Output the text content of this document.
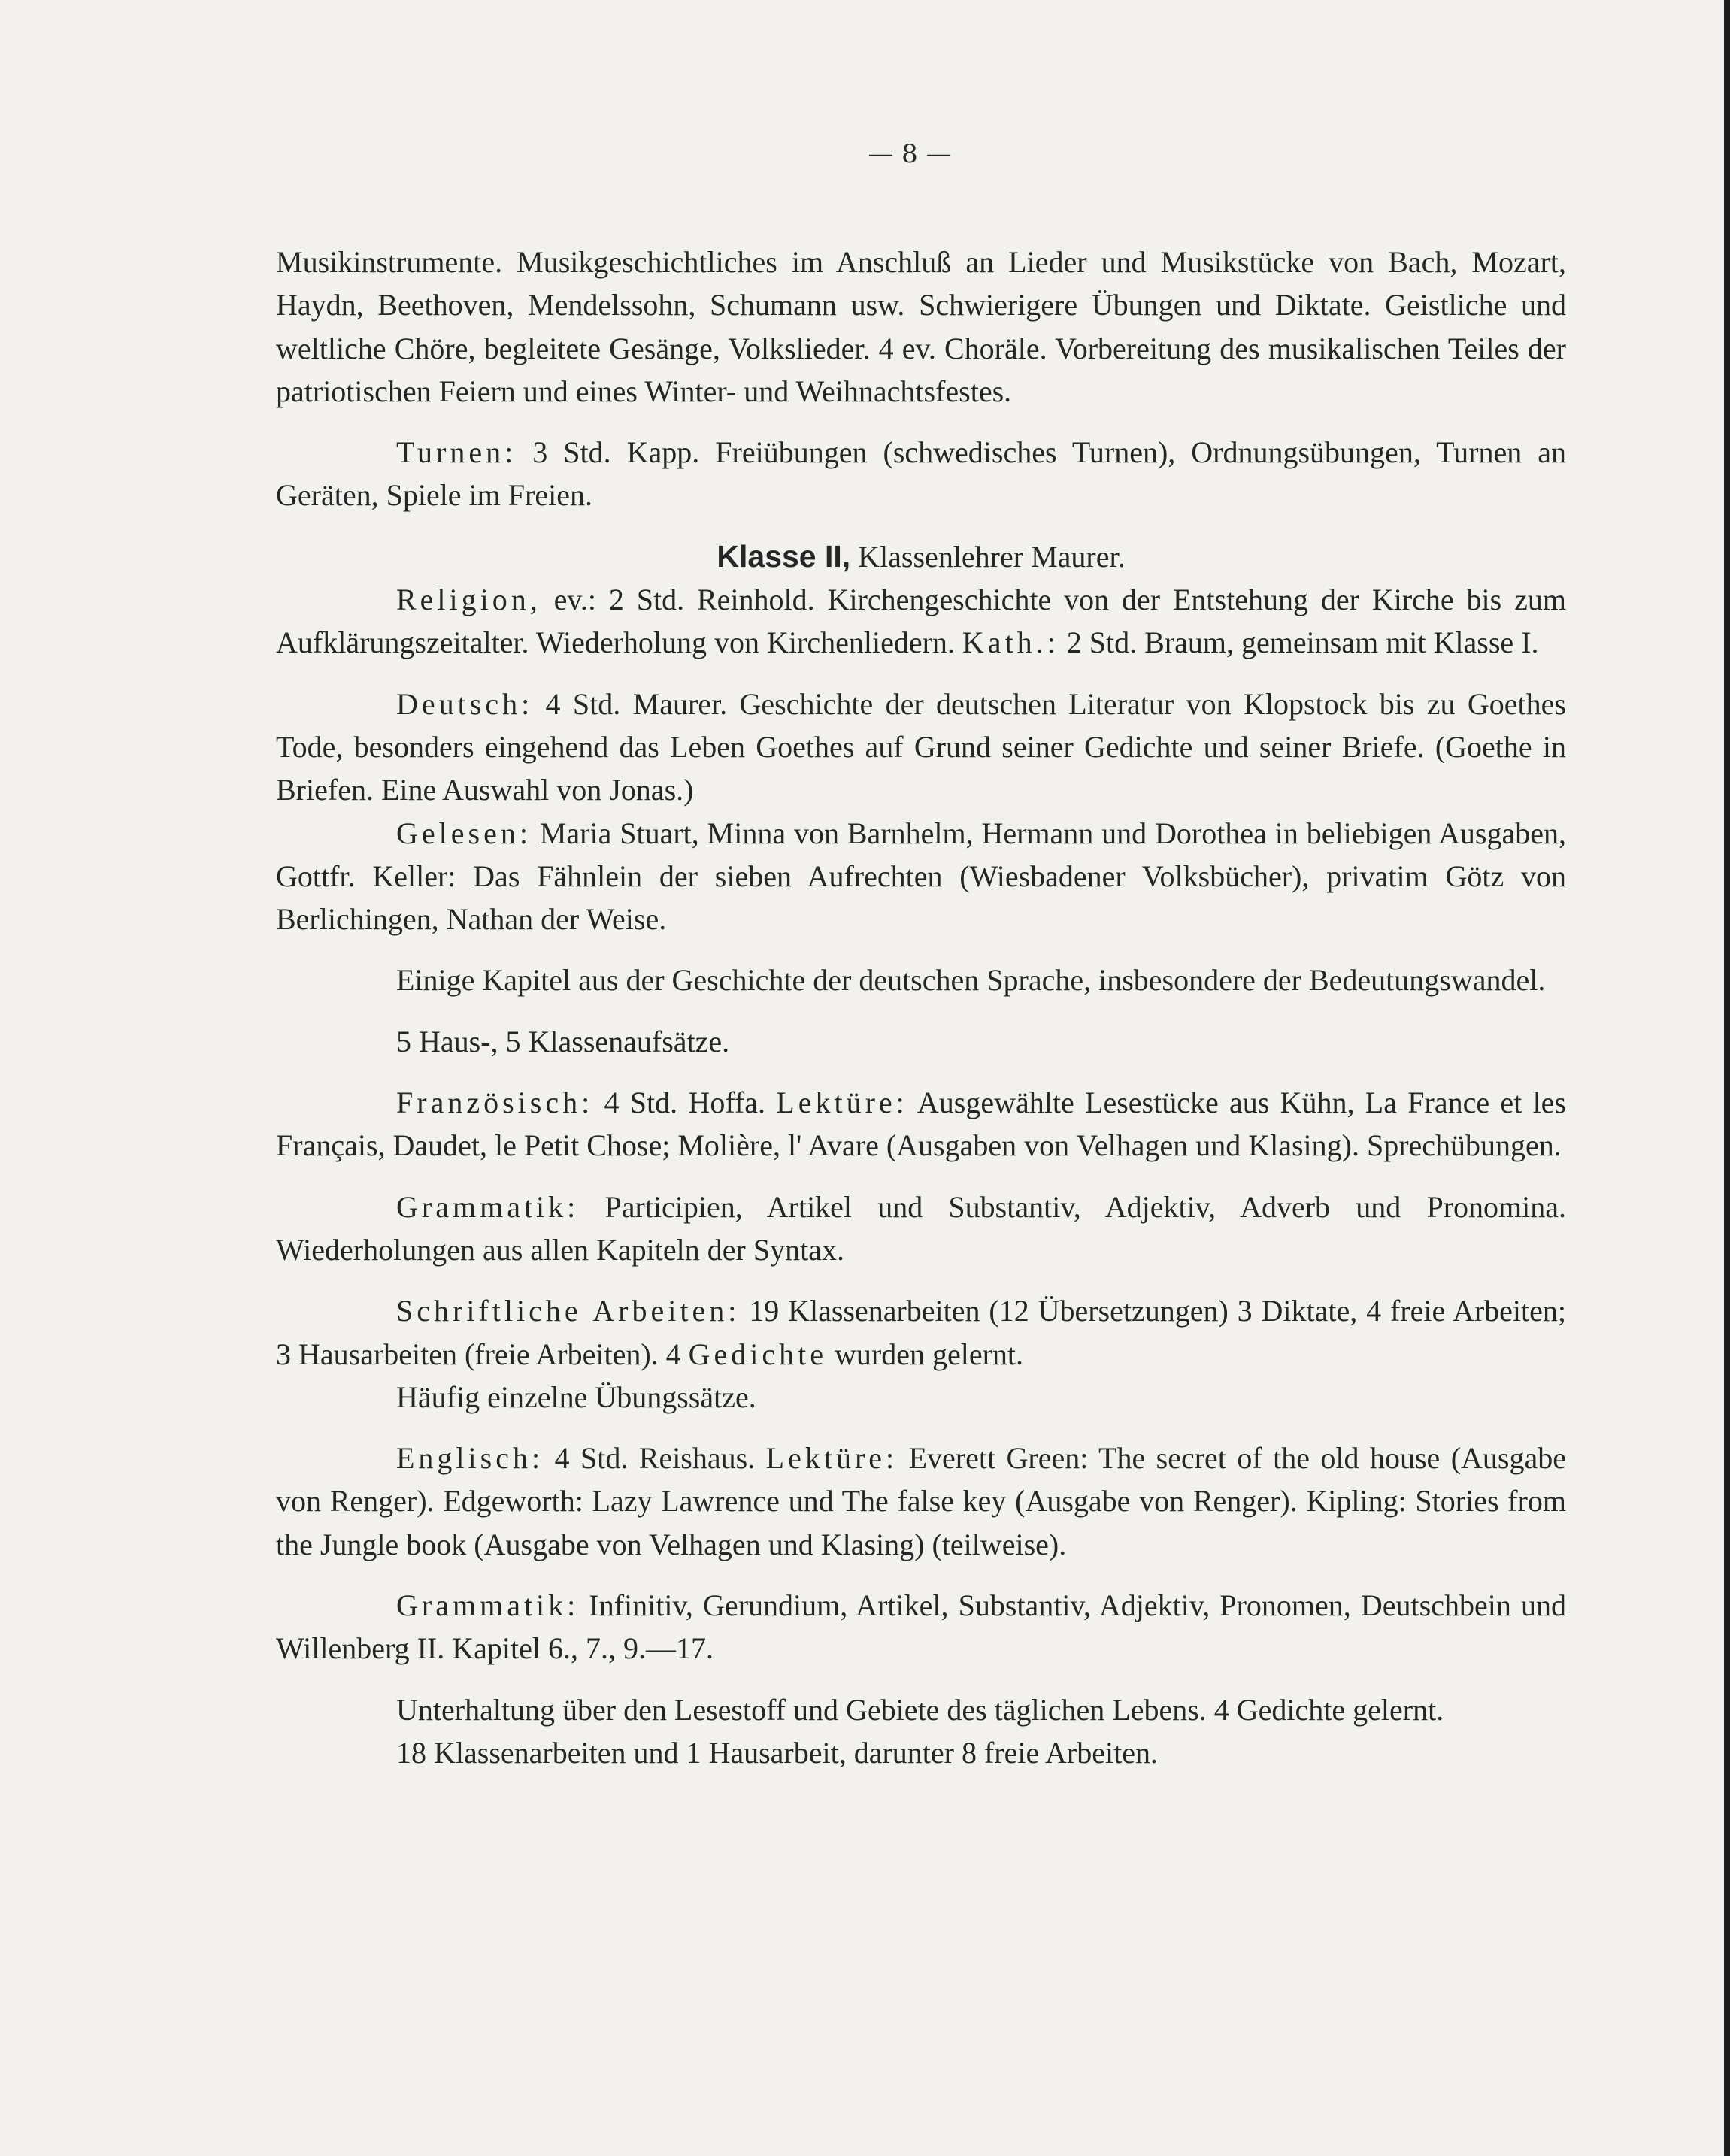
— 8 —

Musikinstrumente. Musikgeschichtliches im Anschluß an Lieder und Musikstücke von Bach, Mozart, Haydn, Beethoven, Mendelssohn, Schumann usw. Schwierigere Übungen und Diktate. Geistliche und weltliche Chöre, begleitete Gesänge, Volkslieder. 4 ev. Choräle. Vorbereitung des musikalischen Teiles der patriotischen Feiern und eines Winter- und Weihnachtsfestes.

Turnen: 3 Std. Kapp. Freiübungen (schwedisches Turnen), Ordnungsübungen, Turnen an Geräten, Spiele im Freien.

Klasse II, Klassenlehrer Maurer.

Religion, ev.: 2 Std. Reinhold. Kirchengeschichte von der Entstehung der Kirche bis zum Aufklärungszeitalter. Wiederholung von Kirchenliedern. Kath.: 2 Std. Braum, gemeinsam mit Klasse I.

Deutsch: 4 Std. Maurer. Geschichte der deutschen Literatur von Klopstock bis zu Goethes Tode, besonders eingehend das Leben Goethes auf Grund seiner Gedichte und seiner Briefe. (Goethe in Briefen. Eine Auswahl von Jonas.)

Gelesen: Maria Stuart, Minna von Barnhelm, Hermann und Dorothea in beliebigen Ausgaben, Gottfr. Keller: Das Fähnlein der sieben Aufrechten (Wiesbadener Volksbücher), privatim Götz von Berlichingen, Nathan der Weise.

Einige Kapitel aus der Geschichte der deutschen Sprache, insbesondere der Bedeutungswandel.

5 Haus-, 5 Klassenaufsätze.

Französisch: 4 Std. Hoffa. Lektüre: Ausgewählte Lesestücke aus Kühn, La France et les Français, Daudet, le Petit Chose; Molière, l' Avare (Ausgaben von Velhagen und Klasing). Sprechübungen.

Grammatik: Participien, Artikel und Substantiv, Adjektiv, Adverb und Pronomina. Wiederholungen aus allen Kapiteln der Syntax.

Schriftliche Arbeiten: 19 Klassenarbeiten (12 Übersetzungen) 3 Diktate, 4 freie Arbeiten; 3 Hausarbeiten (freie Arbeiten). 4 Gedichte wurden gelernt.

Häufig einzelne Übungssätze.

Englisch: 4 Std. Reishaus. Lektüre: Everett Green: The secret of the old house (Ausgabe von Renger). Edgeworth: Lazy Lawrence und The false key (Ausgabe von Renger). Kipling: Stories from the Jungle book (Ausgabe von Velhagen und Klasing) (teilweise).

Grammatik: Infinitiv, Gerundium, Artikel, Substantiv, Adjektiv, Pronomen, Deutschbein und Willenberg II. Kapitel 6., 7., 9.—17.

Unterhaltung über den Lesestoff und Gebiete des täglichen Lebens. 4 Gedichte gelernt.

18 Klassenarbeiten und 1 Hausarbeit, darunter 8 freie Arbeiten.
